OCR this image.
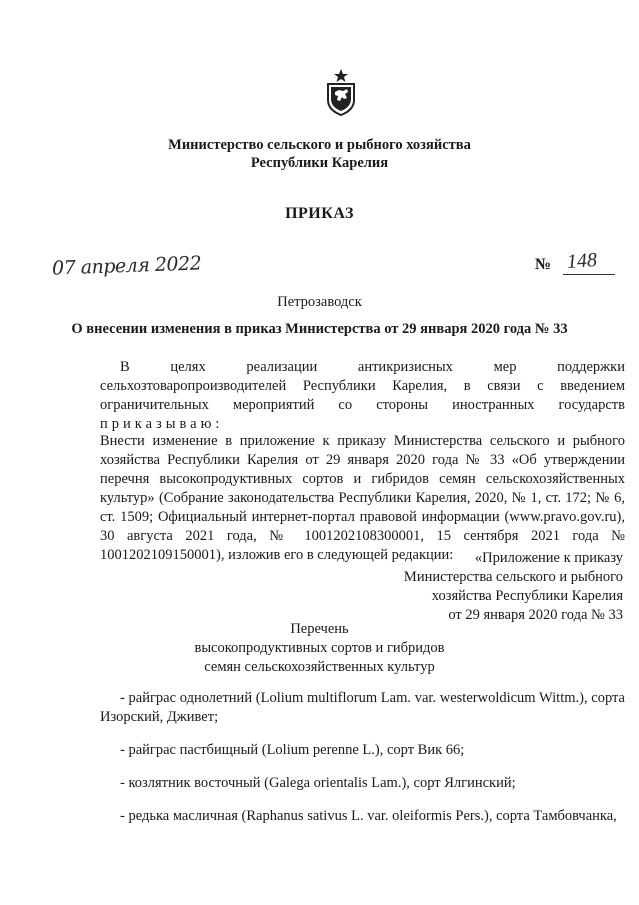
Министерство сельского и рыбного хозяйства
Республики Карелия
ПРИКАЗ
07 апреля 2022	№ 148
Петрозаводск
О внесении изменения в приказ Министерства от 29 января 2020 года № 33
В целях реализации антикризисных мер поддержки
сельхозтоваропроизводителей Республики Карелия, в связи с введением
ограничительных мероприятий со стороны иностранных государств
приказываю:
Внести изменение в приложение к приказу Министерства сельского и рыбного хозяйства Республики Карелия от 29 января 2020 года № 33 «Об утверждении перечня высокопродуктивных сортов и гибридов семян сельскохозяйственных культур» (Собрание законодательства Республики Карелия, 2020, № 1, ст. 172; № 6, ст. 1509; Официальный интернет-портал правовой информации (www.pravo.gov.ru), 30 августа 2021 года, № 1001202108300001, 15 сентября 2021 года № 1001202109150001), изложив его в следующей редакции:	«Приложение к приказу
Министерства сельского и рыбного
хозяйства Республики Карелия
от 29 января 2020 года № 33
Перечень
высокопродуктивных сортов и гибридов
семян сельскохозяйственных культур
- райграс однолетний (Lolium multiflorum Lam. var. westerwoldicum Wittm.), сорта Изорский, Дживет;
- райграс пастбищный (Lolium perenne L.), сорт Вик 66;
- козлятник восточный (Galega orientalis Lam.), сорт Ялгинский;
- редька масличная (Raphanus sativus L. var. oleiformis Pers.), сорта Тамбовчанка,
